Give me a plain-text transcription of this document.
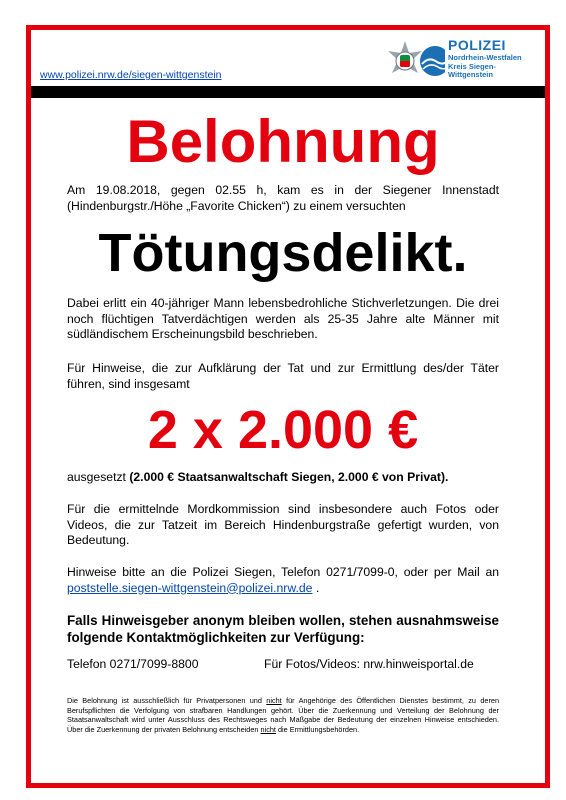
www.polizei.nrw.de/siegen-wittgenstein
POLIZEI
Nordrhein-Westfalen
Kreis Siegen-
Wittgenstein
Belohnung
Am 19.08.2018, gegen 02.55 h, kam es in der Siegener Innenstadt (Hindenburgstr./Höhe „Favorite Chicken“) zu einem versuchten
Tötungsdelikt.
Dabei erlitt ein 40-jähriger Mann lebensbedrohliche Stichverletzungen. Die drei noch flüchtigen Tatverdächtigen werden als 25-35 Jahre alte Männer mit südländischem Erscheinungsbild beschrieben.
Für Hinweise, die zur Aufklärung der Tat und zur Ermittlung des/der Täter führen, sind insgesamt
2 x 2.000 €
ausgesetzt (2.000 € Staatsanwaltschaft Siegen, 2.000 € von Privat).
Für die ermittelnde Mordkommission sind insbesondere auch Fotos oder Videos, die zur Tatzeit im Bereich Hindenburgstraße gefertigt wurden, von Bedeutung.
Hinweise bitte an die Polizei Siegen, Telefon 0271/7099-0, oder per Mail an poststelle.siegen-wittgenstein@polizei.nrw.de .
Falls Hinweisgeber anonym bleiben wollen, stehen ausnahmsweise folgende Kontaktmöglichkeiten zur Verfügung:
Telefon 0271/7099-8800	Für Fotos/Videos: nrw.hinweisportal.de
Die Belohnung ist ausschließlich für Privatpersonen und nicht für Angehörige des Öffentlichen Dienstes bestimmt, zu deren Berufspflichten die Verfolgung von strafbaren Handlungen gehört. Über die Zuerkennung und Verteilung der Belohnung der Staatsanwaltschaft wird unter Ausschluss des Rechtsweges nach Maßgabe der Bedeutung der einzelnen Hinweise entschieden. Über die Zuerkennung der privaten Belohnung entscheiden nicht die Ermittlungsbehörden.
